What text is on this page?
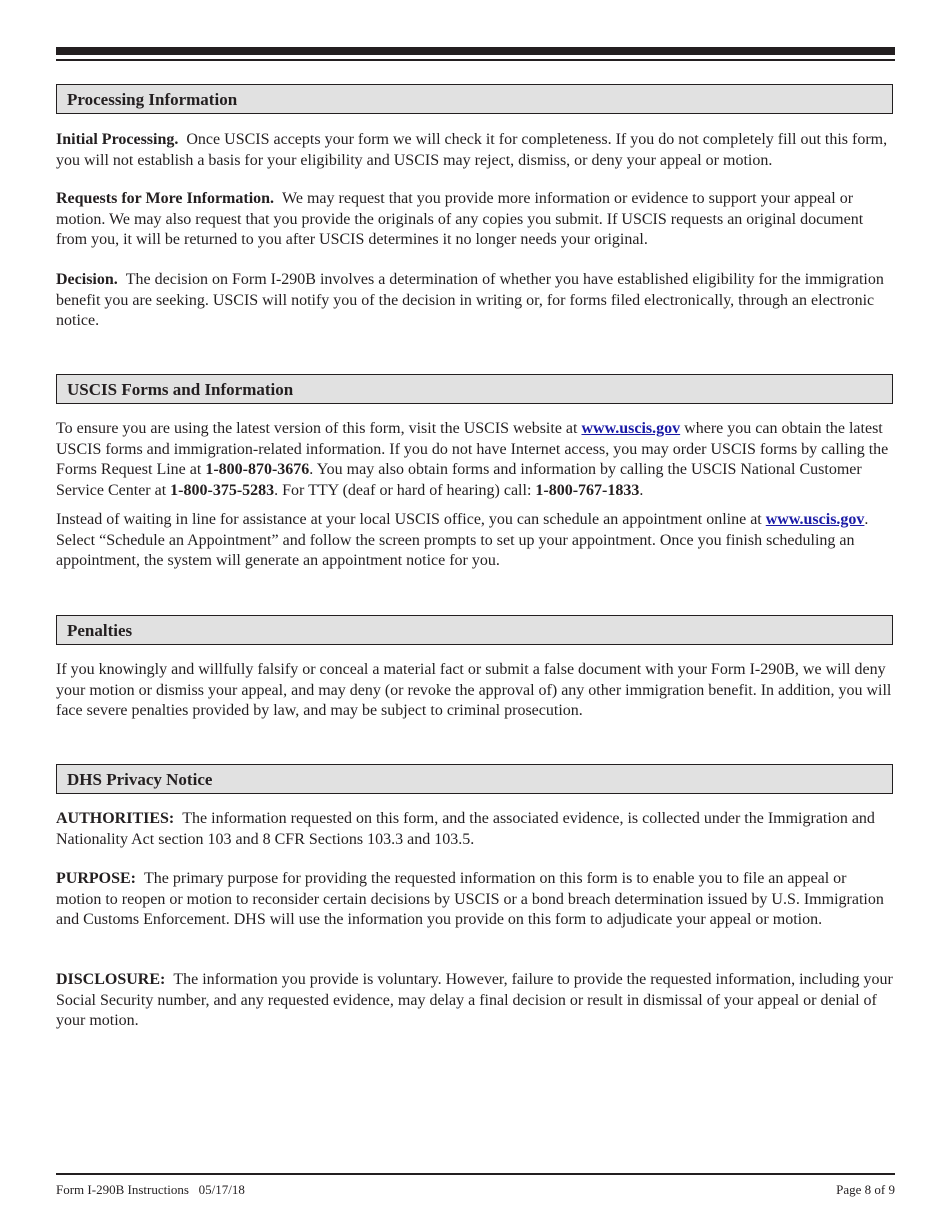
Processing Information

Initial Processing. Once USCIS accepts your form we will check it for completeness. If you do not completely fill out this form, you will not establish a basis for your eligibility and USCIS may reject, dismiss, or deny your appeal or motion.

Requests for More Information. We may request that you provide more information or evidence to support your appeal or motion. We may also request that you provide the originals of any copies you submit. If USCIS requests an original document from you, it will be returned to you after USCIS determines it no longer needs your original.

Decision. The decision on Form I-290B involves a determination of whether you have established eligibility for the immigration benefit you are seeking. USCIS will notify you of the decision in writing or, for forms filed electronically, through an electronic notice.

USCIS Forms and Information

To ensure you are using the latest version of this form, visit the USCIS website at www.uscis.gov where you can obtain the latest USCIS forms and immigration-related information. If you do not have Internet access, you may order USCIS forms by calling the Forms Request Line at 1-800-870-3676. You may also obtain forms and information by calling the USCIS National Customer Service Center at 1-800-375-5283. For TTY (deaf or hard of hearing) call: 1-800-767-1833.

Instead of waiting in line for assistance at your local USCIS office, you can schedule an appointment online at www.uscis.gov. Select “Schedule an Appointment” and follow the screen prompts to set up your appointment. Once you finish scheduling an appointment, the system will generate an appointment notice for you.

Penalties

If you knowingly and willfully falsify or conceal a material fact or submit a false document with your Form I-290B, we will deny your motion or dismiss your appeal, and may deny (or revoke the approval of) any other immigration benefit. In addition, you will face severe penalties provided by law, and may be subject to criminal prosecution.

DHS Privacy Notice

AUTHORITIES: The information requested on this form, and the associated evidence, is collected under the Immigration and Nationality Act section 103 and 8 CFR Sections 103.3 and 103.5.

PURPOSE: The primary purpose for providing the requested information on this form is to enable you to file an appeal or motion to reopen or motion to reconsider certain decisions by USCIS or a bond breach determination issued by U.S. Immigration and Customs Enforcement. DHS will use the information you provide on this form to adjudicate your appeal or motion.

DISCLOSURE: The information you provide is voluntary. However, failure to provide the requested information, including your Social Security number, and any requested evidence, may delay a final decision or result in dismissal of your appeal or denial of your motion.

Form I-290B Instructions   05/17/18	Page 8 of 9
